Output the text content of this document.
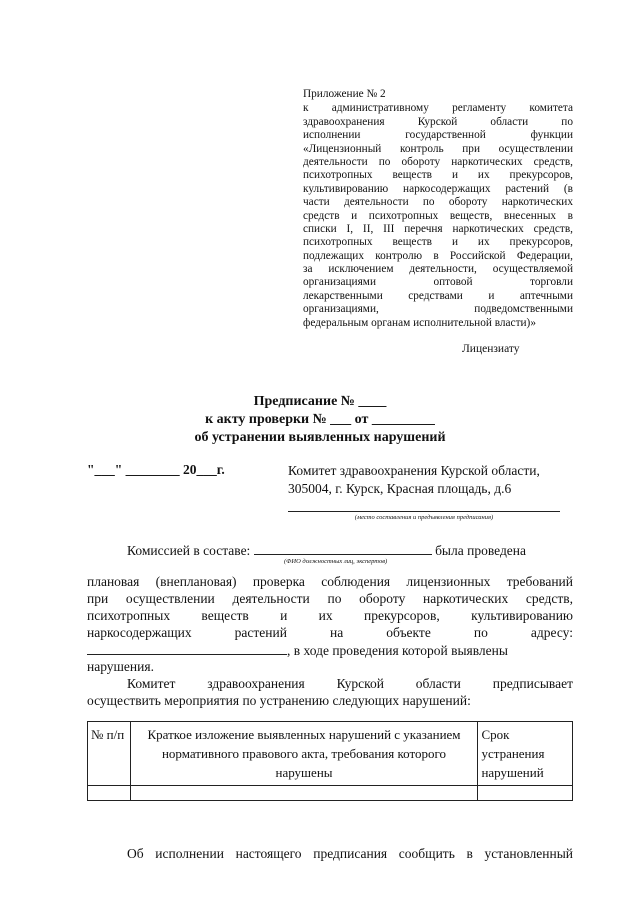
Приложение № 2
к административному регламенту комитета
здравоохранения Курской области по
исполнении государственной функции
«Лицензионный контроль при осуществлении
деятельности по обороту наркотических средств,
психотропных веществ и их прекурсоров,
культивированию наркосодержащих растений (в
части деятельности по обороту наркотических
средств и психотропных веществ, внесенных в
списки I, II, III перечня наркотических средств,
психотропных веществ и их прекурсоров,
подлежащих контролю в Российской Федерации,
за исключением деятельности, осуществляемой
организациями оптовой торговли
лекарственными средствами и аптечными
организациями, подведомственными
федеральным органам исполнительной власти)»
Лицензиату
Предписание № ____
к акту проверки № ___ от _________
об устранении выявленных нарушений
"___" ________ 20___г.	Комитет здравоохранения Курской области,
305004, г. Курск, Красная площадь, д.6
(место составления и предъявления предписания)
Комиссией в составе:	была проведена
(ФИО должностных лиц, экспертов)
плановая (внеплановая) проверка соблюдения лицензионных требований
при осуществлении деятельности по обороту наркотических средств,
психотропных веществ и их прекурсоров, культивированию
наркосодержащих растений на объекте по адресу:
, в ходе проведения которой выявлены
нарушения.
Комитет здравоохранения Курской области предписывает
осуществить мероприятия по устранению следующих нарушений:
№ п/п	Краткое изложение выявленных нарушений с указанием нормативного правового акта, требования которого нарушены	Срок устранения нарушений

Об исполнении настоящего предписания сообщить в установленный
